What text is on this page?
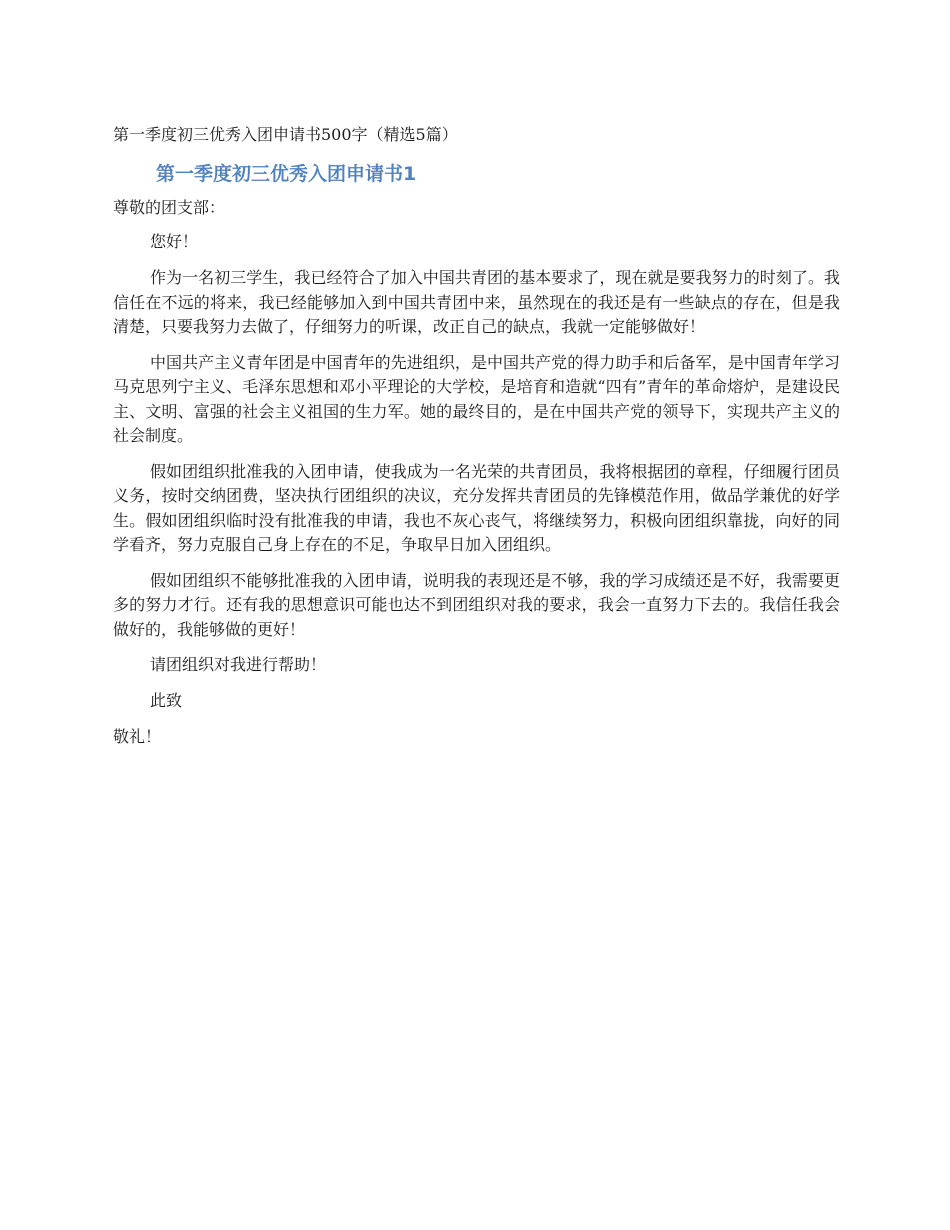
第一季度初三优秀入团申请书500字（精选5篇）
第一季度初三优秀入团申请书1
尊敬的团支部：
您好！

作为一名初三学生，我已经符合了加入中国共青团的基本要求了，现在就是要我努力的时刻了。我信任在不远的将来，我已经能够加入到中国共青团中来，虽然现在的我还是有一些缺点的存在，但是我清楚，只要我努力去做了，仔细努力的听课，改正自己的缺点，我就一定能够做好！

中国共产主义青年团是中国青年的先进组织，是中国共产党的得力助手和后备军，是中国青年学习马克思列宁主义、毛泽东思想和邓小平理论的大学校，是培育和造就“四有”青年的革命熔炉，是建设民主、文明、富强的社会主义祖国的生力军。她的最终目的，是在中国共产党的领导下，实现共产主义的社会制度。

假如团组织批准我的入团申请，使我成为一名光荣的共青团员，我将根据团的章程，仔细履行团员义务，按时交纳团费，坚决执行团组织的决议，充分发挥共青团员的先锋模范作用，做品学兼优的好学生。假如团组织临时没有批准我的申请，我也不灰心丧气，将继续努力，积极向团组织靠拢，向好的同学看齐，努力克服自己身上存在的不足，争取早日加入团组织。

假如团组织不能够批准我的入团申请，说明我的表现还是不够，我的学习成绩还是不好，我需要更多的努力才行。还有我的思想意识可能也达不到团组织对我的要求，我会一直努力下去的。我信任我会做好的，我能够做的更好！

请团组织对我进行帮助！
此致
敬礼！
